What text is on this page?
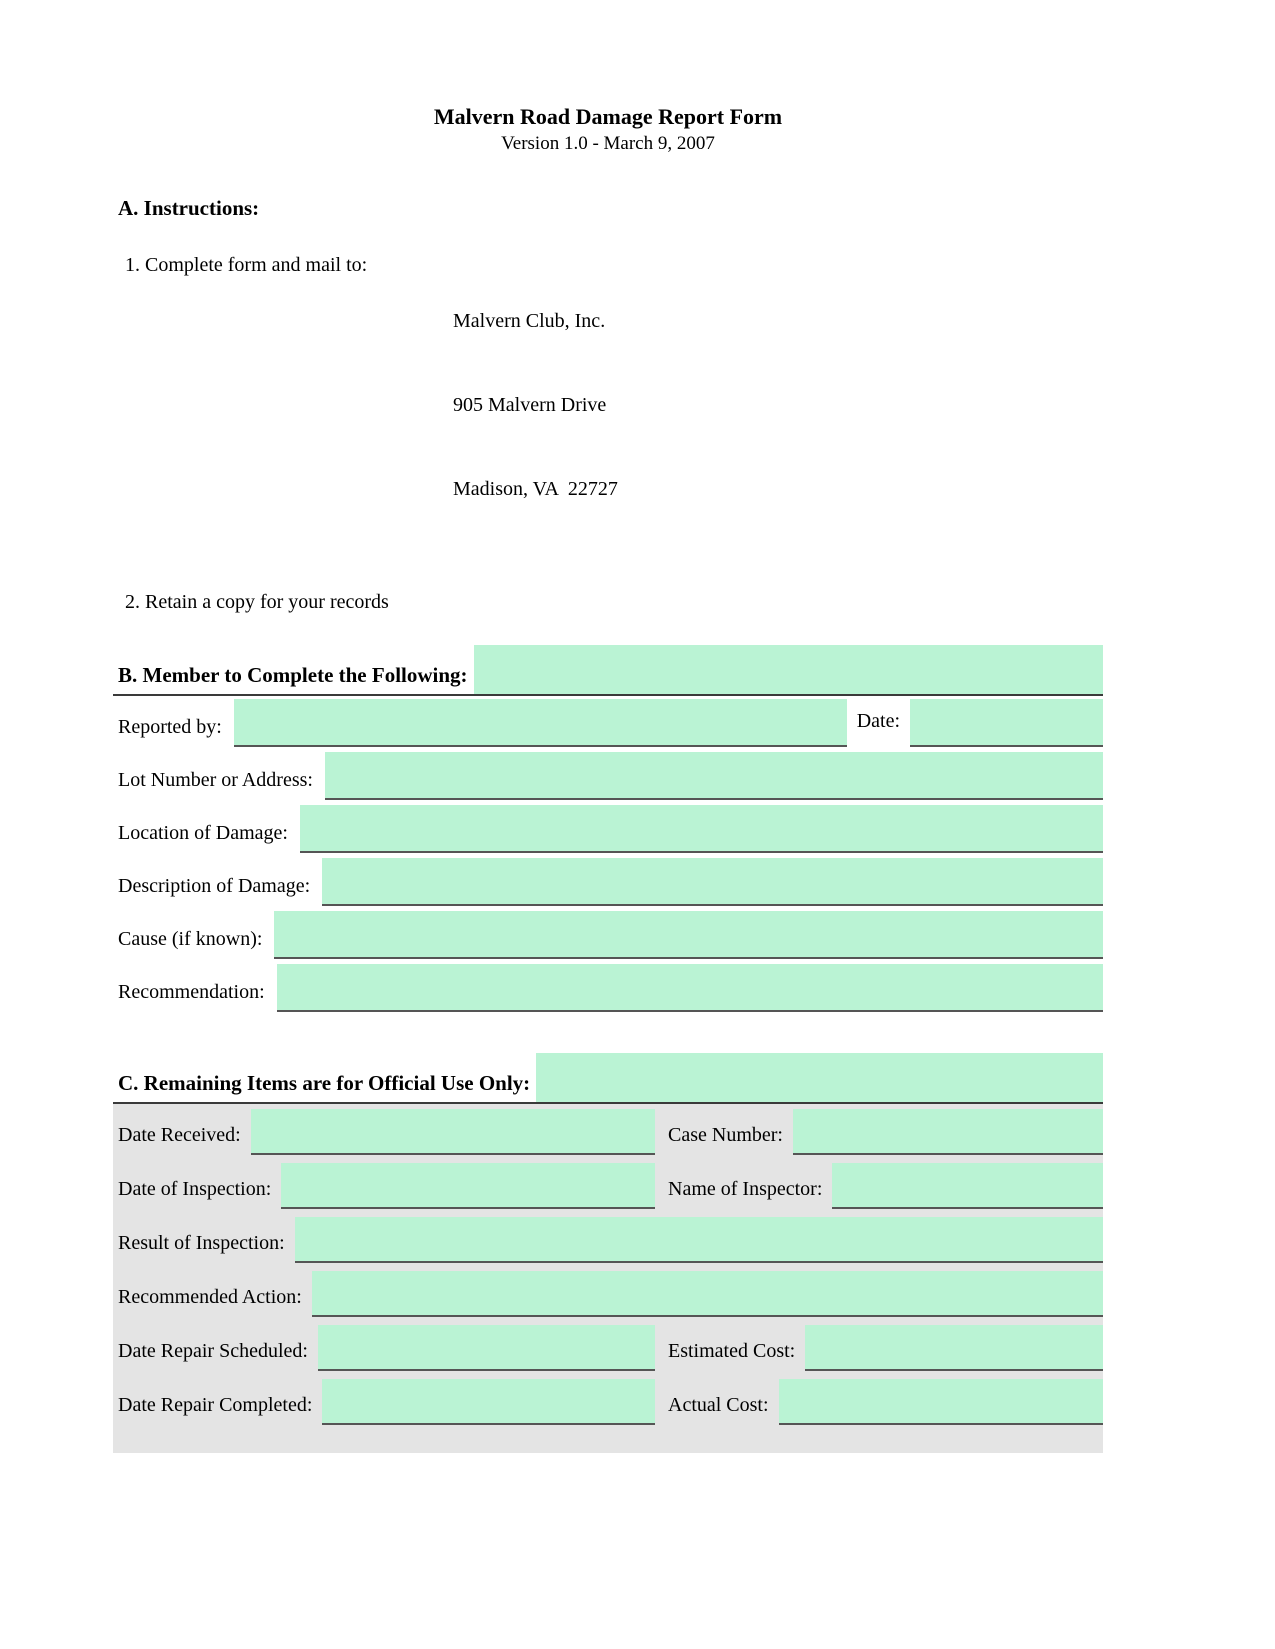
Malvern Road Damage Report Form
Version 1.0 - March 9, 2007
A. Instructions:
1. Complete form and mail to:

Malvern Club, Inc.

905 Malvern Drive

Madison, VA  22727

2. Retain a copy for your records
B. Member to Complete the Following:
Reported by:	Date:
Lot Number or Address:
Location of Damage:
Description of Damage:
Cause (if known):
Recommendation:
C. Remaining Items are for Official Use Only:
Date Received:	Case Number:
Date of Inspection:	Name of Inspector:
Result of Inspection:
Recommended Action:
Date Repair Scheduled:	Estimated Cost:
Date Repair Completed:	Actual Cost:
